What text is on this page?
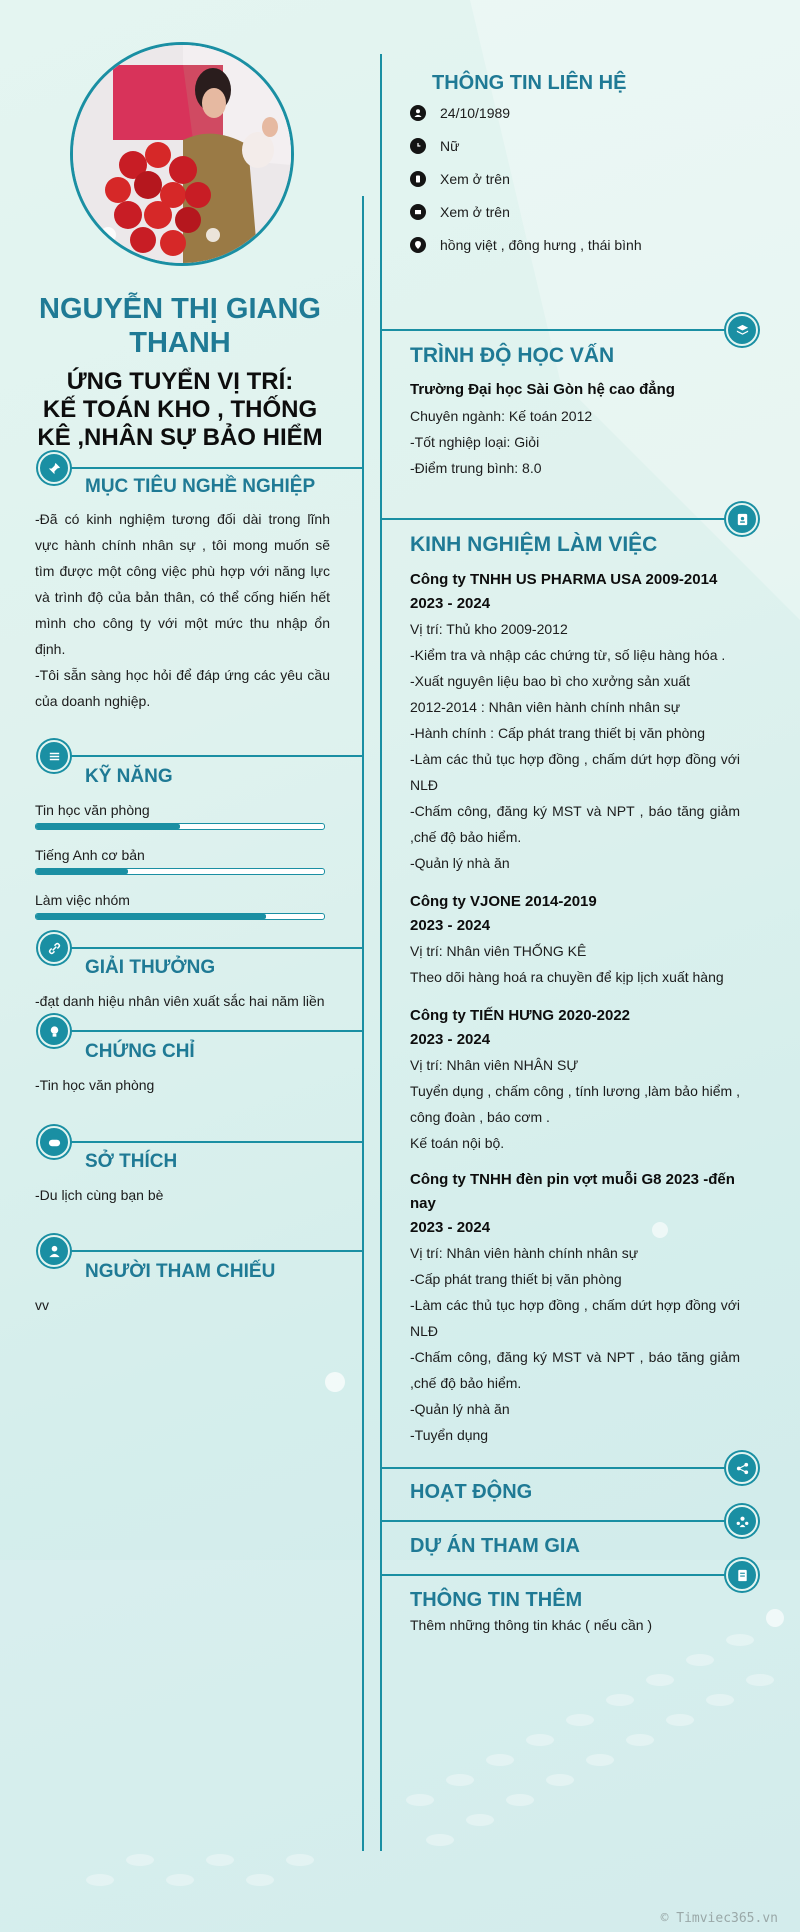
NGUYỄN THỊ GIANG THANH
ỨNG TUYỂN VỊ TRÍ:
KẾ TOÁN KHO , THỐNG KÊ ,NHÂN SỰ BẢO HIỂM
THÔNG TIN LIÊN HỆ
24/10/1989
Nữ
Xem ở trên
Xem ở trên
hồng việt , đông hưng , thái bình
MỤC TIÊU NGHỀ NGHIỆP
-Đã có kinh nghiệm tương đối dài trong lĩnh vực hành chính nhân sự , tôi mong muốn sẽ tìm được một công việc phù hợp với năng lực và trình độ của bản thân, có thể cống hiến hết mình cho công ty với một mức thu nhập ổn định.
-Tôi sẵn sàng học hỏi để đáp ứng các yêu cầu của doanh nghiệp.
KỸ NĂNG
Tin học văn phòng
Tiếng Anh cơ bản
Làm việc nhóm
GIẢI THƯỞNG
-đạt danh hiệu nhân viên xuất sắc hai năm liền
CHỨNG CHỈ
-Tin học văn phòng
SỞ THÍCH
-Du lịch cùng bạn bè
NGƯỜI THAM CHIẾU
vv
TRÌNH ĐỘ HỌC VẤN
Trường Đại học Sài Gòn hệ cao đẳng
Chuyên ngành: Kế toán 2012
-Tốt nghiệp loại: Giỏi
-Điểm trung bình: 8.0
KINH NGHIỆM LÀM VIỆC
Công ty TNHH US PHARMA USA 2009-2014
2023 - 2024
Vị trí: Thủ kho 2009-2012
-Kiểm tra và nhập các chứng từ, số liệu hàng hóa .
-Xuất nguyên liệu bao bì cho xưởng sản xuất
2012-2014 : Nhân viên hành chính nhân sự
-Hành chính : Cấp phát trang thiết bị văn phòng
-Làm các thủ tục hợp đồng , chấm dứt hợp đồng với NLĐ
-Chấm công, đăng ký MST và NPT , báo tăng giảm ,chế độ bảo hiểm.
-Quản lý nhà ăn
Công ty VJONE 2014-2019
2023 - 2024
Vị trí: Nhân viên THỐNG KÊ
Theo dõi hàng hoá ra chuyền để kịp lịch xuất hàng
Công ty TIẾN HƯNG 2020-2022
2023 - 2024
Vị trí: Nhân viên NHÂN SỰ
Tuyển dụng , chấm công , tính lương ,làm bảo hiểm , công đoàn , báo cơm .
Kế toán nội bộ.
Công ty TNHH đèn pin vợt muỗi G8 2023 -đến nay
2023 - 2024
Vị trí: Nhân viên hành chính nhân sự
-Cấp phát trang thiết bị văn phòng
-Làm các thủ tục hợp đồng , chấm dứt hợp đồng với NLĐ
-Chấm công, đăng ký MST và NPT , báo tăng giảm ,chế độ bảo hiểm.
-Quản lý nhà ăn
-Tuyển dụng
HOẠT ĐỘNG
DỰ ÁN THAM GIA
THÔNG TIN THÊM
Thêm những thông tin khác ( nếu cần )
© Timviec365.vn
